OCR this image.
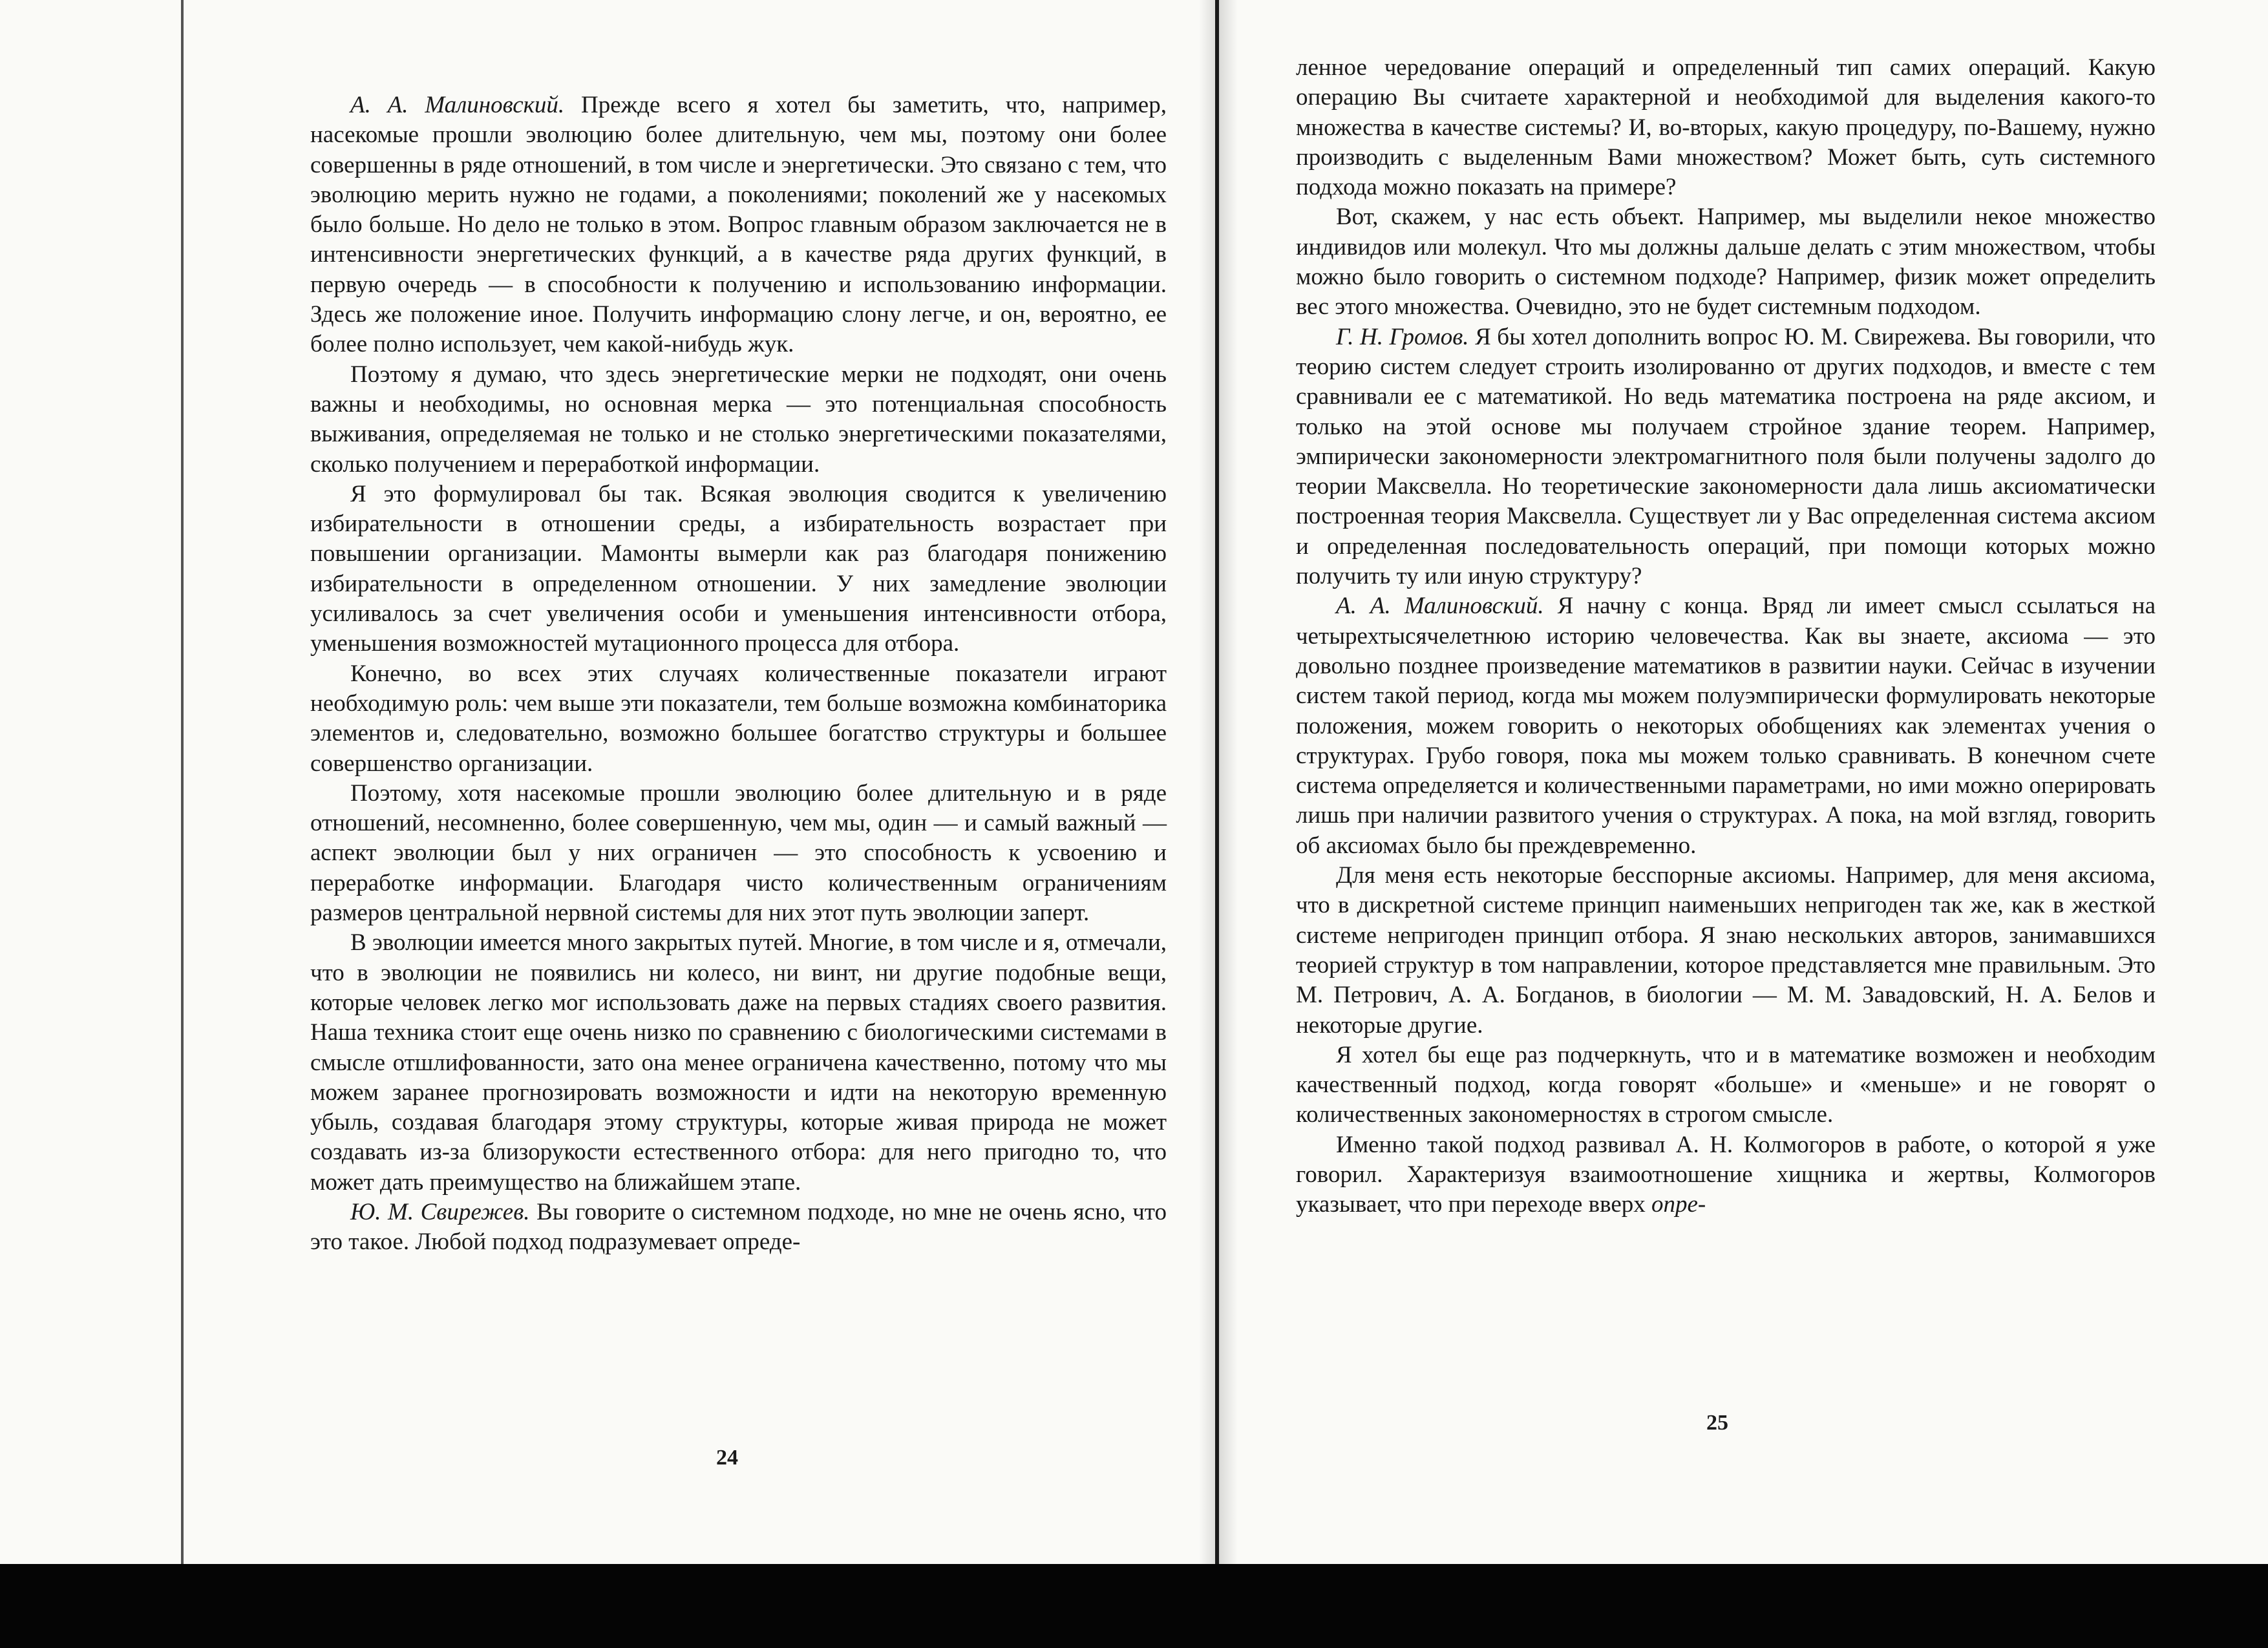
А. А. Малиновский. Прежде всего я хотел бы заметить, что, например, насекомые прошли эволюцию более длительную, чем мы, поэтому они более совершенны в ряде отношений, в том числе и энергетически. Это связано с тем, что эволюцию мерить нужно не годами, а поколениями; поколений же у насекомых было больше. Но дело не только в этом. Вопрос главным образом заключается не в интенсивности энергетических функций, а в качестве ряда других функций, в первую очередь — в способности к получению и использованию информации. Здесь же положение иное. Получить информацию слону легче, и он, вероятно, ее более полно использует, чем какой-нибудь жук.

Поэтому я думаю, что здесь энергетические мерки не подходят, они очень важны и необходимы, но основная мерка — это потенциальная способность выживания, определяемая не только и не столько энергетическими показателями, сколько получением и переработкой информации.

Я это формулировал бы так. Всякая эволюция сводится к увеличению избирательности в отношении среды, а избирательность возрастает при повышении организации. Мамонты вымерли как раз благодаря понижению избирательности в определенном отношении. У них замедление эволюции усиливалось за счет увеличения особи и уменьшения интенсивности отбора, уменьшения возможностей мутационного процесса для отбора.

Конечно, во всех этих случаях количественные показатели играют необходимую роль: чем выше эти показатели, тем больше возможна комбинаторика элементов и, следовательно, возможно большее богатство структуры и большее совершенство организации.

Поэтому, хотя насекомые прошли эволюцию более длительную и в ряде отношений, несомненно, более совершенную, чем мы, один — и самый важный — аспект эволюции был у них ограничен — это способность к усвоению и переработке информации. Благодаря чисто количественным ограничениям размеров центральной нервной системы для них этот путь эволюции заперт.

В эволюции имеется много закрытых путей. Многие, в том числе и я, отмечали, что в эволюции не появились ни колесо, ни винт, ни другие подобные вещи, которые человек легко мог использовать даже на первых стадиях своего развития. Наша техника стоит еще очень низко по сравнению с биологическими системами в смысле отшлифованности, зато она менее ограничена качественно, потому что мы можем заранее прогнозировать возможности и идти на некоторую временную убыль, создавая благодаря этому структуры, которые живая природа не может создавать из-за близорукости естественного отбора: для него пригодно то, что может дать преимущество на ближайшем этапе.

Ю. М. Свирежев. Вы говорите о системном подходе, но мне не очень ясно, что это такое. Любой подход подразумевает опреде-

24

ленное чередование операций и определенный тип самих операций. Какую операцию Вы считаете характерной и необходимой для выделения какого-то множества в качестве системы? И, во-вторых, какую процедуру, по-Вашему, нужно производить с выделенным Вами множеством? Может быть, суть системного подхода можно показать на примере?

Вот, скажем, у нас есть объект. Например, мы выделили некое множество индивидов или молекул. Что мы должны дальше делать с этим множеством, чтобы можно было говорить о системном подходе? Например, физик может определить вес этого множества. Очевидно, это не будет системным подходом.

Г. Н. Громов. Я бы хотел дополнить вопрос Ю. М. Свирежева. Вы говорили, что теорию систем следует строить изолированно от других подходов, и вместе с тем сравнивали ее с математикой. Но ведь математика построена на ряде аксиом, и только на этой основе мы получаем стройное здание теорем. Например, эмпирически закономерности электромагнитного поля были получены задолго до теории Максвелла. Но теоретические закономерности дала лишь аксиоматически построенная теория Максвелла. Существует ли у Вас определенная система аксиом и определенная последовательность операций, при помощи которых можно получить ту или иную структуру?

А. А. Малиновский. Я начну с конца. Вряд ли имеет смысл ссылаться на четырехтысячелетнюю историю человечества. Как вы знаете, аксиома — это довольно позднее произведение математиков в развитии науки. Сейчас в изучении систем такой период, когда мы можем полуэмпирически формулировать некоторые положения, можем говорить о некоторых обобщениях как элементах учения о структурах. Грубо говоря, пока мы можем только сравнивать. В конечном счете система определяется и количественными параметрами, но ими можно оперировать лишь при наличии развитого учения о структурах. А пока, на мой взгляд, говорить об аксиомах было бы преждевременно.

Для меня есть некоторые бесспорные аксиомы. Например, для меня аксиома, что в дискретной системе принцип наименьших непригоден так же, как в жесткой системе непригоден принцип отбора. Я знаю нескольких авторов, занимавшихся теорией структур в том направлении, которое представляется мне правильным. Это М. Петрович, А. А. Богданов, в биологии — М. М. Завадовский, Н. А. Белов и некоторые другие.

Я хотел бы еще раз подчеркнуть, что и в математике возможен и необходим качественный подход, когда говорят «больше» и «меньше» и не говорят о количественных закономерностях в строгом смысле.

Именно такой подход развивал А. Н. Колмогоров в работе, о которой я уже говорил. Характеризуя взаимоотношение хищника и жертвы, Колмогоров указывает, что при переходе вверх опре-

25
